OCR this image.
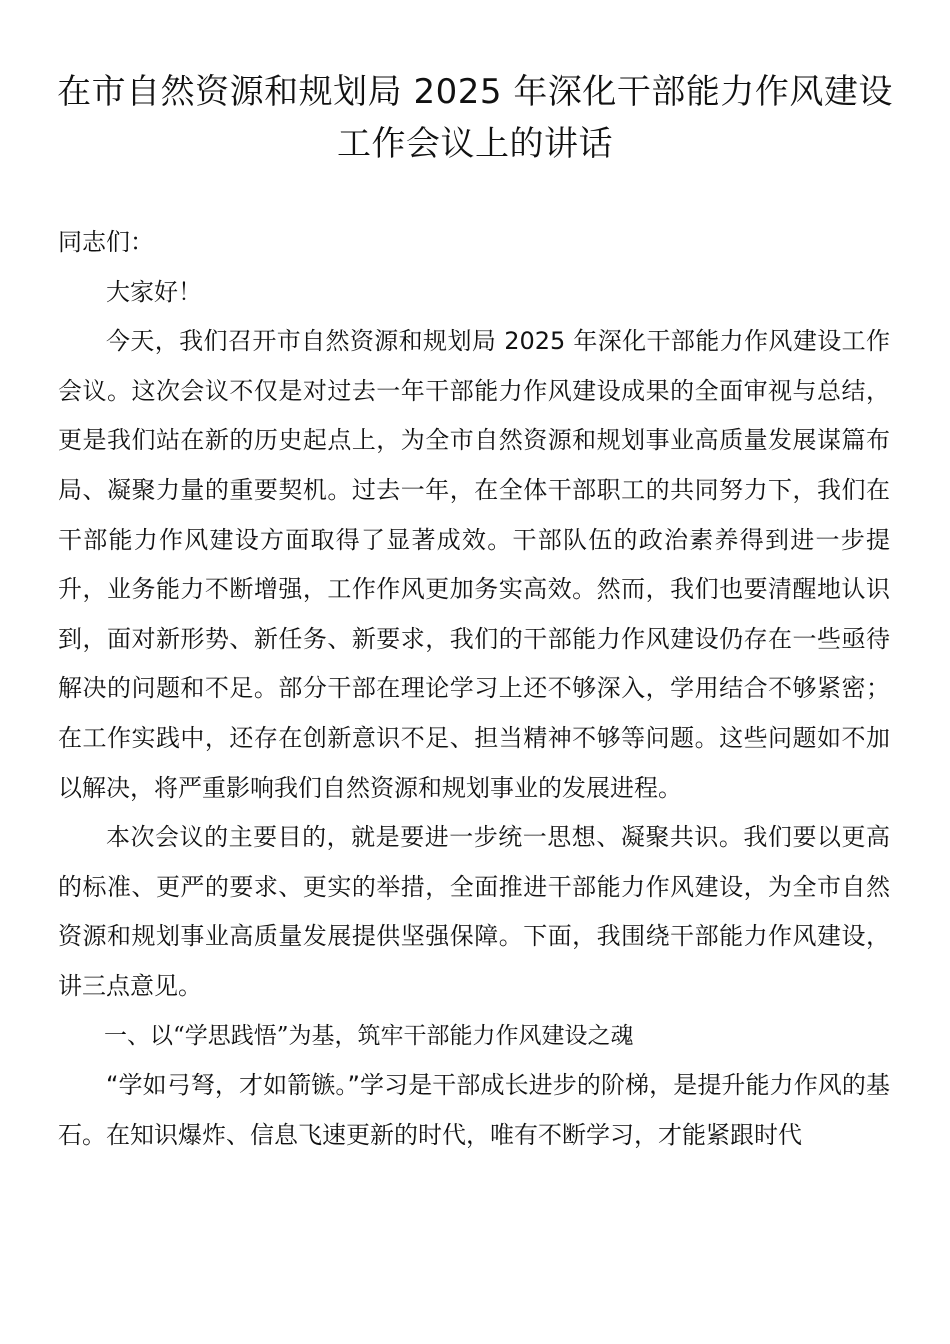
在市自然资源和规划局 2025 年深化干部能力作风建设工作会议上的讲话

同志们：

大家好！

今天，我们召开市自然资源和规划局 2025 年深化干部能力作风建设工作会议。这次会议不仅是对过去一年干部能力作风建设成果的全面审视与总结，更是我们站在新的历史起点上，为全市自然资源和规划事业高质量发展谋篇布局、凝聚力量的重要契机。过去一年，在全体干部职工的共同努力下，我们在干部能力作风建设方面取得了显著成效。干部队伍的政治素养得到进一步提升，业务能力不断增强，工作作风更加务实高效。然而，我们也要清醒地认识到，面对新形势、新任务、新要求，我们的干部能力作风建设仍存在一些亟待解决的问题和不足。部分干部在理论学习上还不够深入，学用结合不够紧密；在工作实践中，还存在创新意识不足、担当精神不够等问题。这些问题如不加以解决，将严重影响我们自然资源和规划事业的发展进程。

本次会议的主要目的，就是要进一步统一思想、凝聚共识。我们要以更高的标准、更严的要求、更实的举措，全面推进干部能力作风建设，为全市自然资源和规划事业高质量发展提供坚强保障。下面，我围绕干部能力作风建设，讲三点意见。

一、以“学思践悟”为基，筑牢干部能力作风建设之魂

“学如弓弩，才如箭镞。”学习是干部成长进步的阶梯，是提升能力作风的基石。在知识爆炸、信息飞速更新的时代，唯有不断学习，才能紧跟时代
